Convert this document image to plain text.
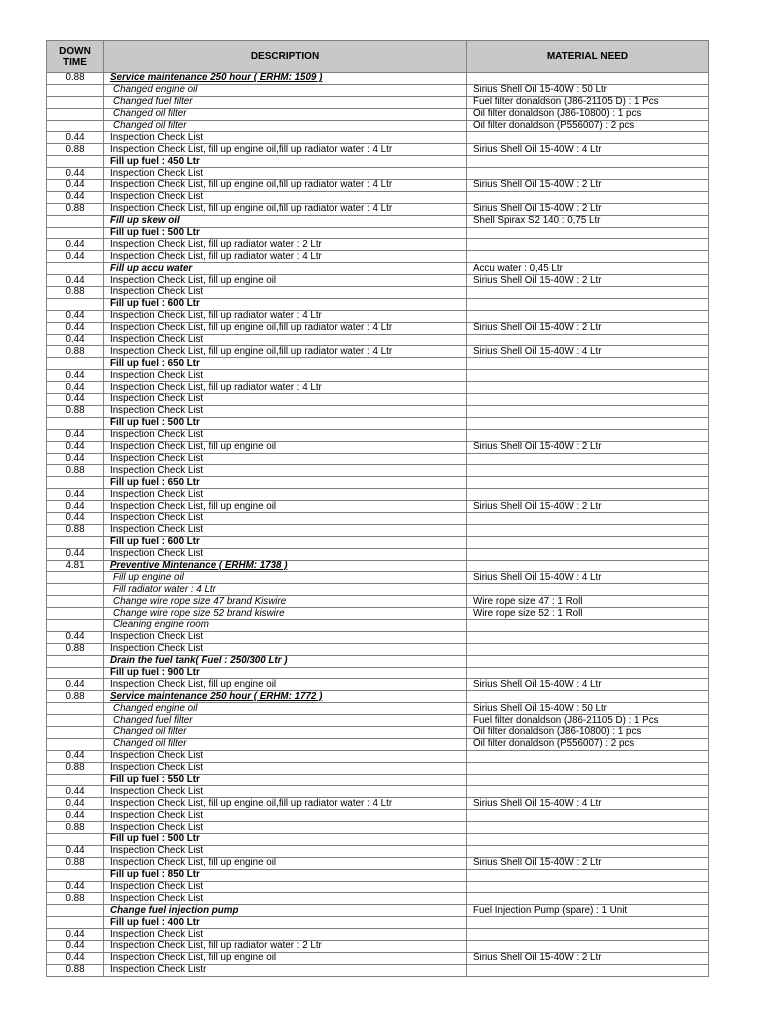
DOWN TIME	DESCRIPTION	MATERIAL NEED
0.88	Service maintenance 250 hour ( ERHM: 1509 )	
	Changed engine oil	Sirius Shell Oil 15-40W : 50 Ltr
	Changed fuel filter	Fuel filter donaldson (J86-21105 D) : 1 Pcs
	Changed oil filter	Oil filter donaldson (J86-10800) : 1 pcs
	Changed oil filter	Oil filter donaldson (P556007) : 2 pcs
0.44	Inspection Check List	
0.88	Inspection Check List, fill up engine oil,fill up radiator water : 4 Ltr	Sirius Shell Oil 15-40W : 4 Ltr
	Fill up fuel : 450 Ltr	
0.44	Inspection Check List	
0.44	Inspection Check List, fill up engine oil,fill up radiator water : 4 Ltr	Sirius Shell Oil 15-40W : 2 Ltr
0.44	Inspection Check List	
0.88	Inspection Check List, fill up engine oil,fill up radiator water : 4 Ltr	Sirius Shell Oil 15-40W : 2 Ltr
	Fill up skew oil	Shell Spirax S2 140 : 0,75 Ltr
	Fill up fuel : 500 Ltr	
0.44	Inspection Check List, fill up radiator water : 2 Ltr	
0.44	Inspection Check List, fill up radiator water : 4 Ltr	
	Fill up accu water	Accu water : 0,45 Ltr
0.44	Inspection Check List, fill up engine oil	Sirius Shell Oil 15-40W : 2 Ltr
0.88	Inspection Check List	
	Fill up fuel : 600 Ltr	
0.44	Inspection Check List, fill up radiator water : 4 Ltr	
0.44	Inspection Check List, fill up engine oil,fill up radiator water : 4 Ltr	Sirius Shell Oil 15-40W : 2 Ltr
0.44	Inspection Check List	
0.88	Inspection Check List, fill up engine oil,fill up radiator water : 4 Ltr	Sirius Shell Oil 15-40W : 4 Ltr
	Fill up fuel : 650 Ltr	
0.44	Inspection Check List	
0.44	Inspection Check List, fill up radiator water : 4 Ltr	
0.44	Inspection Check List	
0.88	Inspection Check List	
	Fill up fuel : 500 Ltr	
0.44	Inspection Check List	
0.44	Inspection Check List, fill up engine oil	Sirius Shell Oil 15-40W : 2 Ltr
0.44	Inspection Check List	
0.88	Inspection Check List	
	Fill up fuel : 650 Ltr	
0.44	Inspection Check List	
0.44	Inspection Check List, fill up engine oil	Sirius Shell Oil 15-40W : 2 Ltr
0.44	Inspection Check List	
0.88	Inspection Check List	
	Fill up fuel : 600 Ltr	
0.44	Inspection Check List	
4.81	Preventive Mintenance ( ERHM: 1738 )	
	Fill up engine oil	Sirius Shell Oil 15-40W : 4 Ltr
	Fill radiator water : 4 Ltr	
	Change wire rope size 47 brand Kiswire	Wire rope size 47 : 1 Roll
	Change wire rope size 52 brand kiswire	Wire rope size 52 : 1 Roll
	Cleaning engine room	
0.44	Inspection Check List	
0.88	Inspection Check List	
	Drain the fuel tank( Fuel : 250/300 Ltr )	
	Fill up fuel : 900 Ltr	
0.44	Inspection Check List, fill up engine oil	Sirius Shell Oil 15-40W : 4 Ltr
0.88	Service maintenance 250 hour ( ERHM: 1772 )	
	Changed engine oil	Sirius Shell Oil 15-40W : 50 Ltr
	Changed fuel filter	Fuel filter donaldson (J86-21105 D) : 1 Pcs
	Changed oil filter	Oil filter donaldson (J86-10800) : 1 pcs
	Changed oil filter	Oil filter donaldson (P556007) : 2 pcs
0.44	Inspection Check List	
0.88	Inspection Check List	
	Fill up fuel : 550 Ltr	
0.44	Inspection Check List	
0.44	Inspection Check List, fill up engine oil,fill up radiator water : 4 Ltr	Sirius Shell Oil 15-40W : 4 Ltr
0.44	Inspection Check List	
0.88	Inspection Check List	
	Fill up fuel : 500 Ltr	
0.44	Inspection Check List	
0.88	Inspection Check List, fill up engine oil	Sirius Shell Oil 15-40W : 2 Ltr
	Fill up fuel : 850 Ltr	
0.44	Inspection Check List	
0.88	Inspection Check List	
	Change fuel injection pump	Fuel Injection Pump (spare) : 1 Unit
	Fill up fuel : 400 Ltr	
0.44	Inspection Check List	
0.44	Inspection Check List, fill up radiator water : 2 Ltr	
0.44	Inspection Check List, fill up engine oil	Sirius Shell Oil 15-40W : 2 Ltr
0.88	Inspection Check Listr	
